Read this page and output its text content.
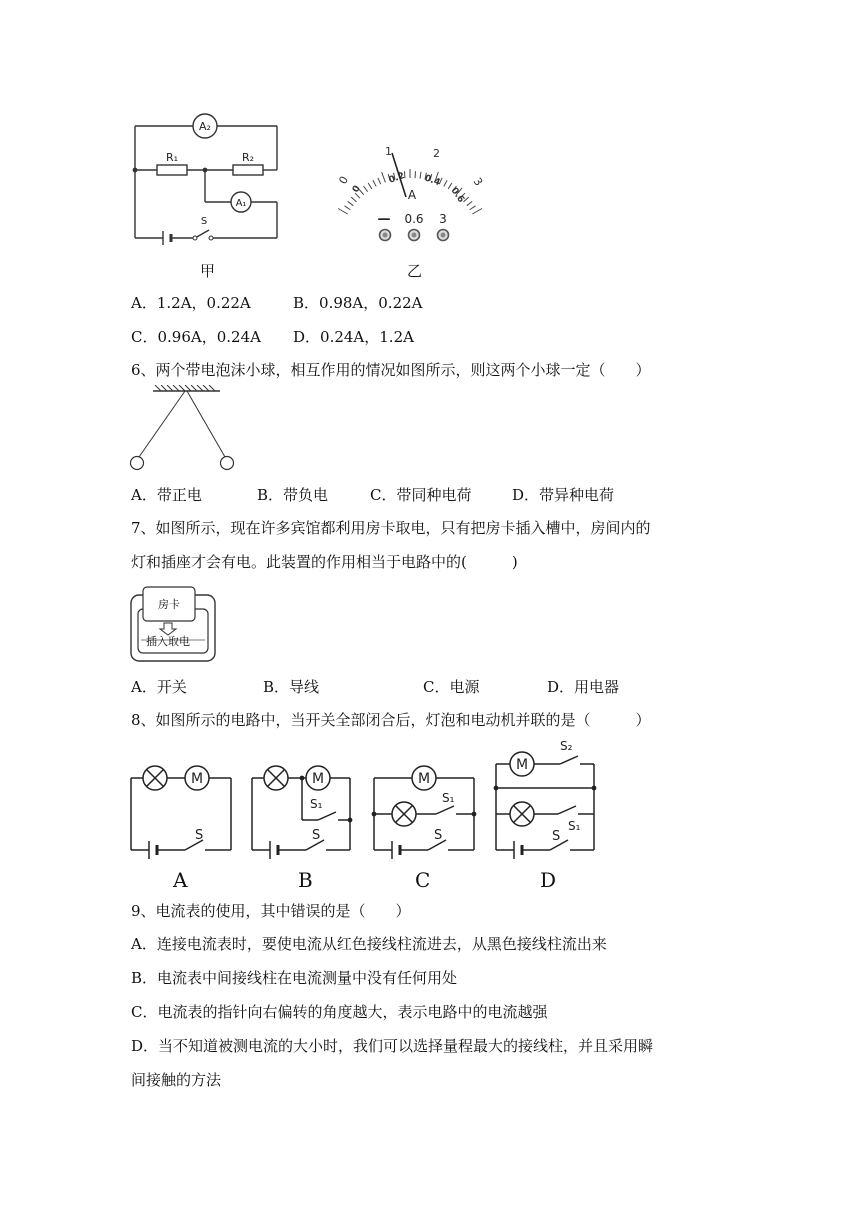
A₂
A₁
R₁	R₂
S
甲
0
1	2
3
0
0.2 0.4
0.6
A
— 0.6 3
乙
A．1.2A，0.22A	B．0.98A，0.22A
C．0.96A，0.24A D．0.24A，1.2A
6、两个带电泡沫小球，相互作用的情况如图所示，则这两个小球一定（　　）
A．带正电	B．带负电	C．带同种电荷	D．带异种电荷
7、如图所示，现在许多宾馆都利用房卡取电，只有把房卡插入槽中，房间内的
灯和插座才会有电。此装置的作用相当于电路中的(　　　)
房卡
插入取电
A．开关	B．导线	C．电源	D．用电器
8、如图所示的电路中，当开关全部闭合后，灯泡和电动机并联的是（　　　）
M
S
A
M
S₁
S
B
M
S₁
S
C
M
S₂
S₁
S
D
9、电流表的使用，其中错误的是（　　）
A．连接电流表时，要使电流从红色接线柱流进去，从黑色接线柱流出来
B．电流表中间接线柱在电流测量中没有任何用处
C．电流表的指针向右偏转的角度越大，表示电路中的电流越强
D．当不知道被测电流的大小时，我们可以选择量程最大的接线柱，并且采用瞬
间接触的方法
